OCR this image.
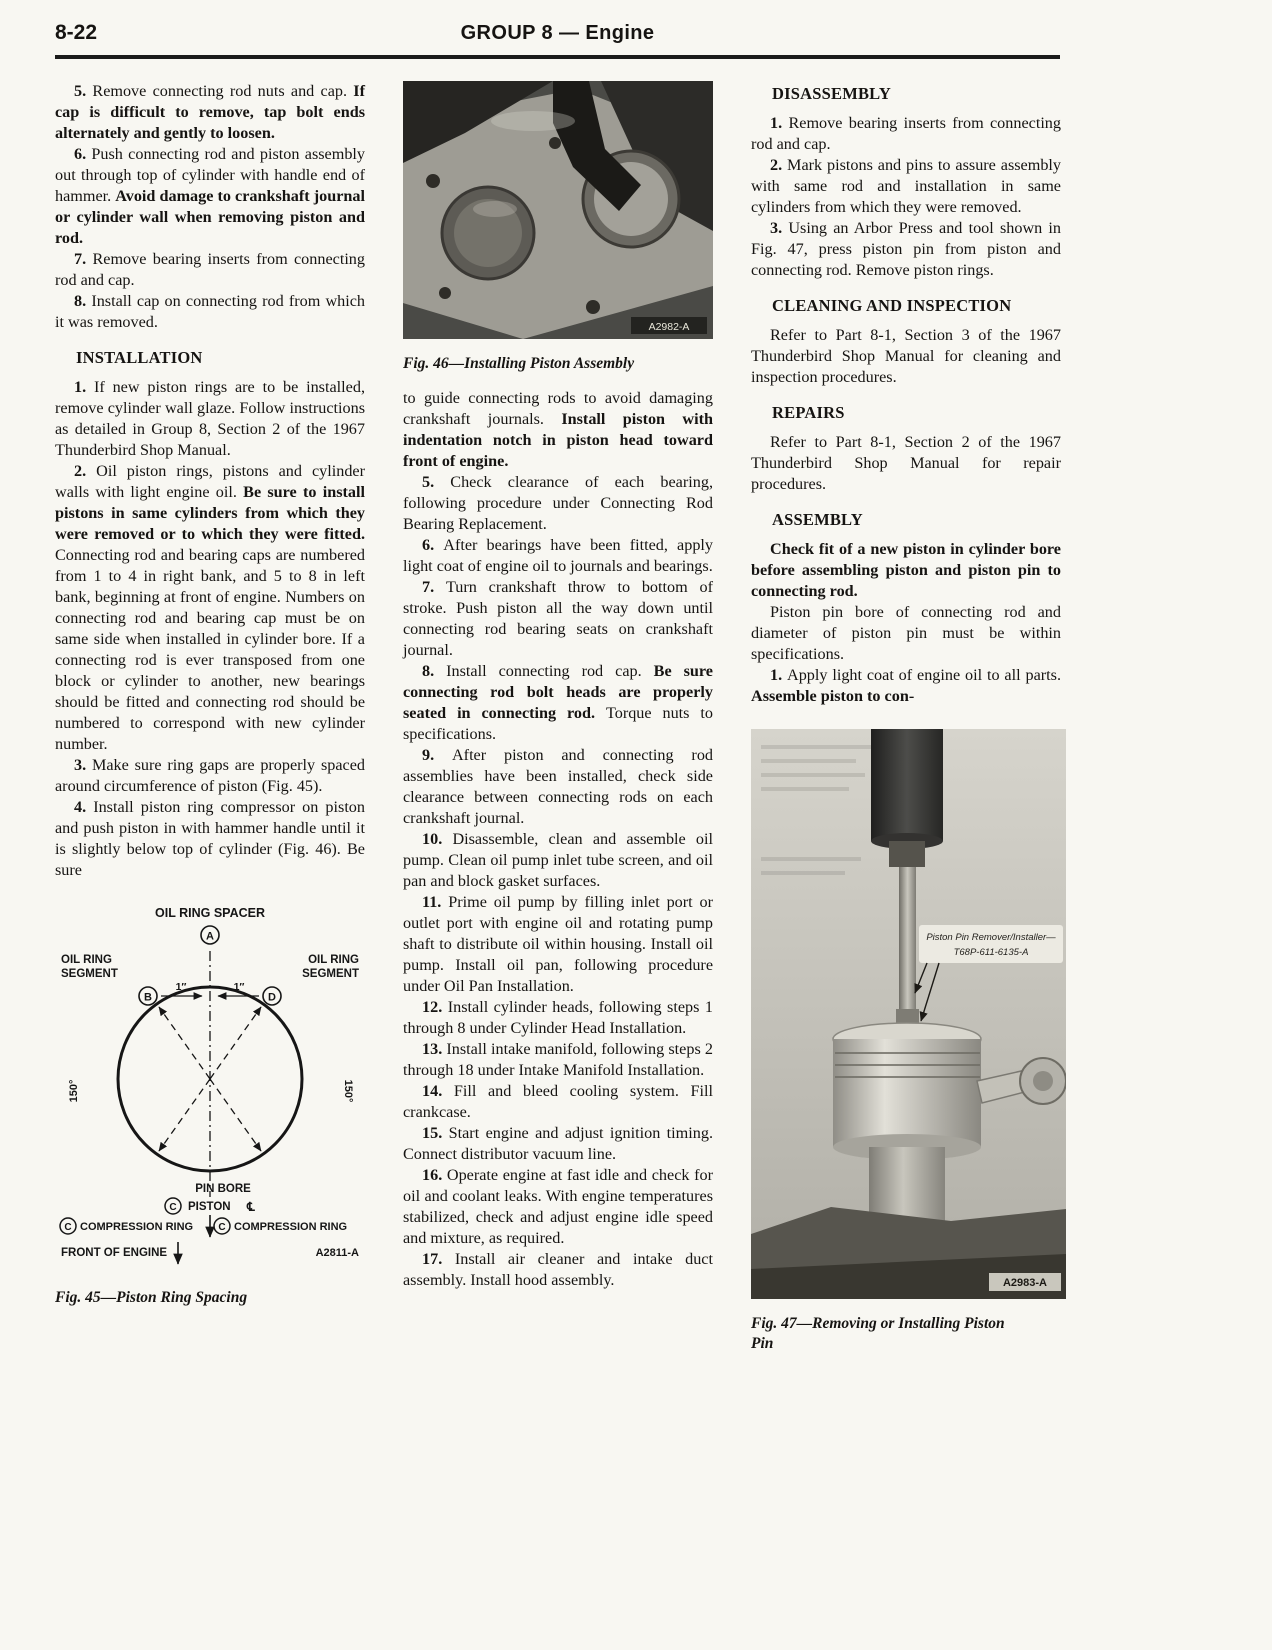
8-22	GROUP 8 — Engine

5. Remove connecting rod nuts and cap. If cap is difficult to remove, tap bolt ends alternately and gently to loosen.

6. Push connecting rod and piston assembly out through top of cylinder with handle end of hammer. Avoid damage to crankshaft journal or cylinder wall when removing piston and rod.

7. Remove bearing inserts from connecting rod and cap.

8. Install cap on connecting rod from which it was removed.

INSTALLATION

1. If new piston rings are to be installed, remove cylinder wall glaze. Follow instructions as detailed in Group 8, Section 2 of the 1967 Thunderbird Shop Manual.

2. Oil piston rings, pistons and cylinder walls with light engine oil. Be sure to install pistons in same cylinders from which they were removed or to which they were fitted. Connecting rod and bearing caps are numbered from 1 to 4 in right bank, and 5 to 8 in left bank, beginning at front of engine. Numbers on connecting rod and bearing cap must be on same side when installed in cylinder bore. If a connecting rod is ever transposed from one block or cylinder to another, new bearings should be fitted and connecting rod should be numbered to correspond with new cylinder number.

3. Make sure ring gaps are properly spaced around circumference of piston (Fig. 45).

4. Install piston ring compressor on piston and push piston in with hammer handle until it is slightly below top of cylinder (Fig. 46). Be sure

OIL RING SPACER
A
OIL RING
SEGMENT
OIL RING
SEGMENT
B	D
1″	1″
150°	150°
PIN BORE
C PISTON ℄
C COMPRESSION RING	C COMPRESSION RING
FRONT OF ENGINE	A2811-A
Fig. 45—Piston Ring Spacing
A2982-A
Fig. 46—Installing Piston Assembly

to guide connecting rods to avoid damaging crankshaft journals. Install piston with indentation notch in piston head toward front of engine.

5. Check clearance of each bearing, following procedure under Connecting Rod Bearing Replacement.

6. After bearings have been fitted, apply light coat of engine oil to journals and bearings.

7. Turn crankshaft throw to bottom of stroke. Push piston all the way down until connecting rod bearing seats on crankshaft journal.

8. Install connecting rod cap. Be sure connecting rod bolt heads are properly seated in connecting rod. Torque nuts to specifications.

9. After piston and connecting rod assemblies have been installed, check side clearance between connecting rods on each crankshaft journal.

10. Disassemble, clean and assemble oil pump. Clean oil pump inlet tube screen, and oil pan and block gasket surfaces.

11. Prime oil pump by filling inlet port or outlet port with engine oil and rotating pump shaft to distribute oil within housing. Install oil pump. Install oil pan, following procedure under Oil Pan Installation.

12. Install cylinder heads, following steps 1 through 8 under Cylinder Head Installation.

13. Install intake manifold, following steps 2 through 18 under Intake Manifold Installation.

14. Fill and bleed cooling system. Fill crankcase.

15. Start engine and adjust ignition timing. Connect distributor vacuum line.

16. Operate engine at fast idle and check for oil and coolant leaks. With engine temperatures stabilized, check and adjust engine idle speed and mixture, as required.

17. Install air cleaner and intake duct assembly. Install hood assembly.

DISASSEMBLY

1. Remove bearing inserts from connecting rod and cap.

2. Mark pistons and pins to assure assembly with same rod and installation in same cylinders from which they were removed.

3. Using an Arbor Press and tool shown in Fig. 47, press piston pin from piston and connecting rod. Remove piston rings.

CLEANING AND INSPECTION

Refer to Part 8-1, Section 3 of the 1967 Thunderbird Shop Manual for cleaning and inspection procedures.

REPAIRS

Refer to Part 8-1, Section 2 of the 1967 Thunderbird Shop Manual for repair procedures.

ASSEMBLY

Check fit of a new piston in cylinder bore before assembling piston and piston pin to connecting rod.

Piston pin bore of connecting rod and diameter of piston pin must be within specifications.

1. Apply light coat of engine oil to all parts. Assemble piston to con-

Piston Pin Remover/Installer—
T68P-611-6135-A
A2983-A
Fig. 47—Removing or Installing Piston Pin
